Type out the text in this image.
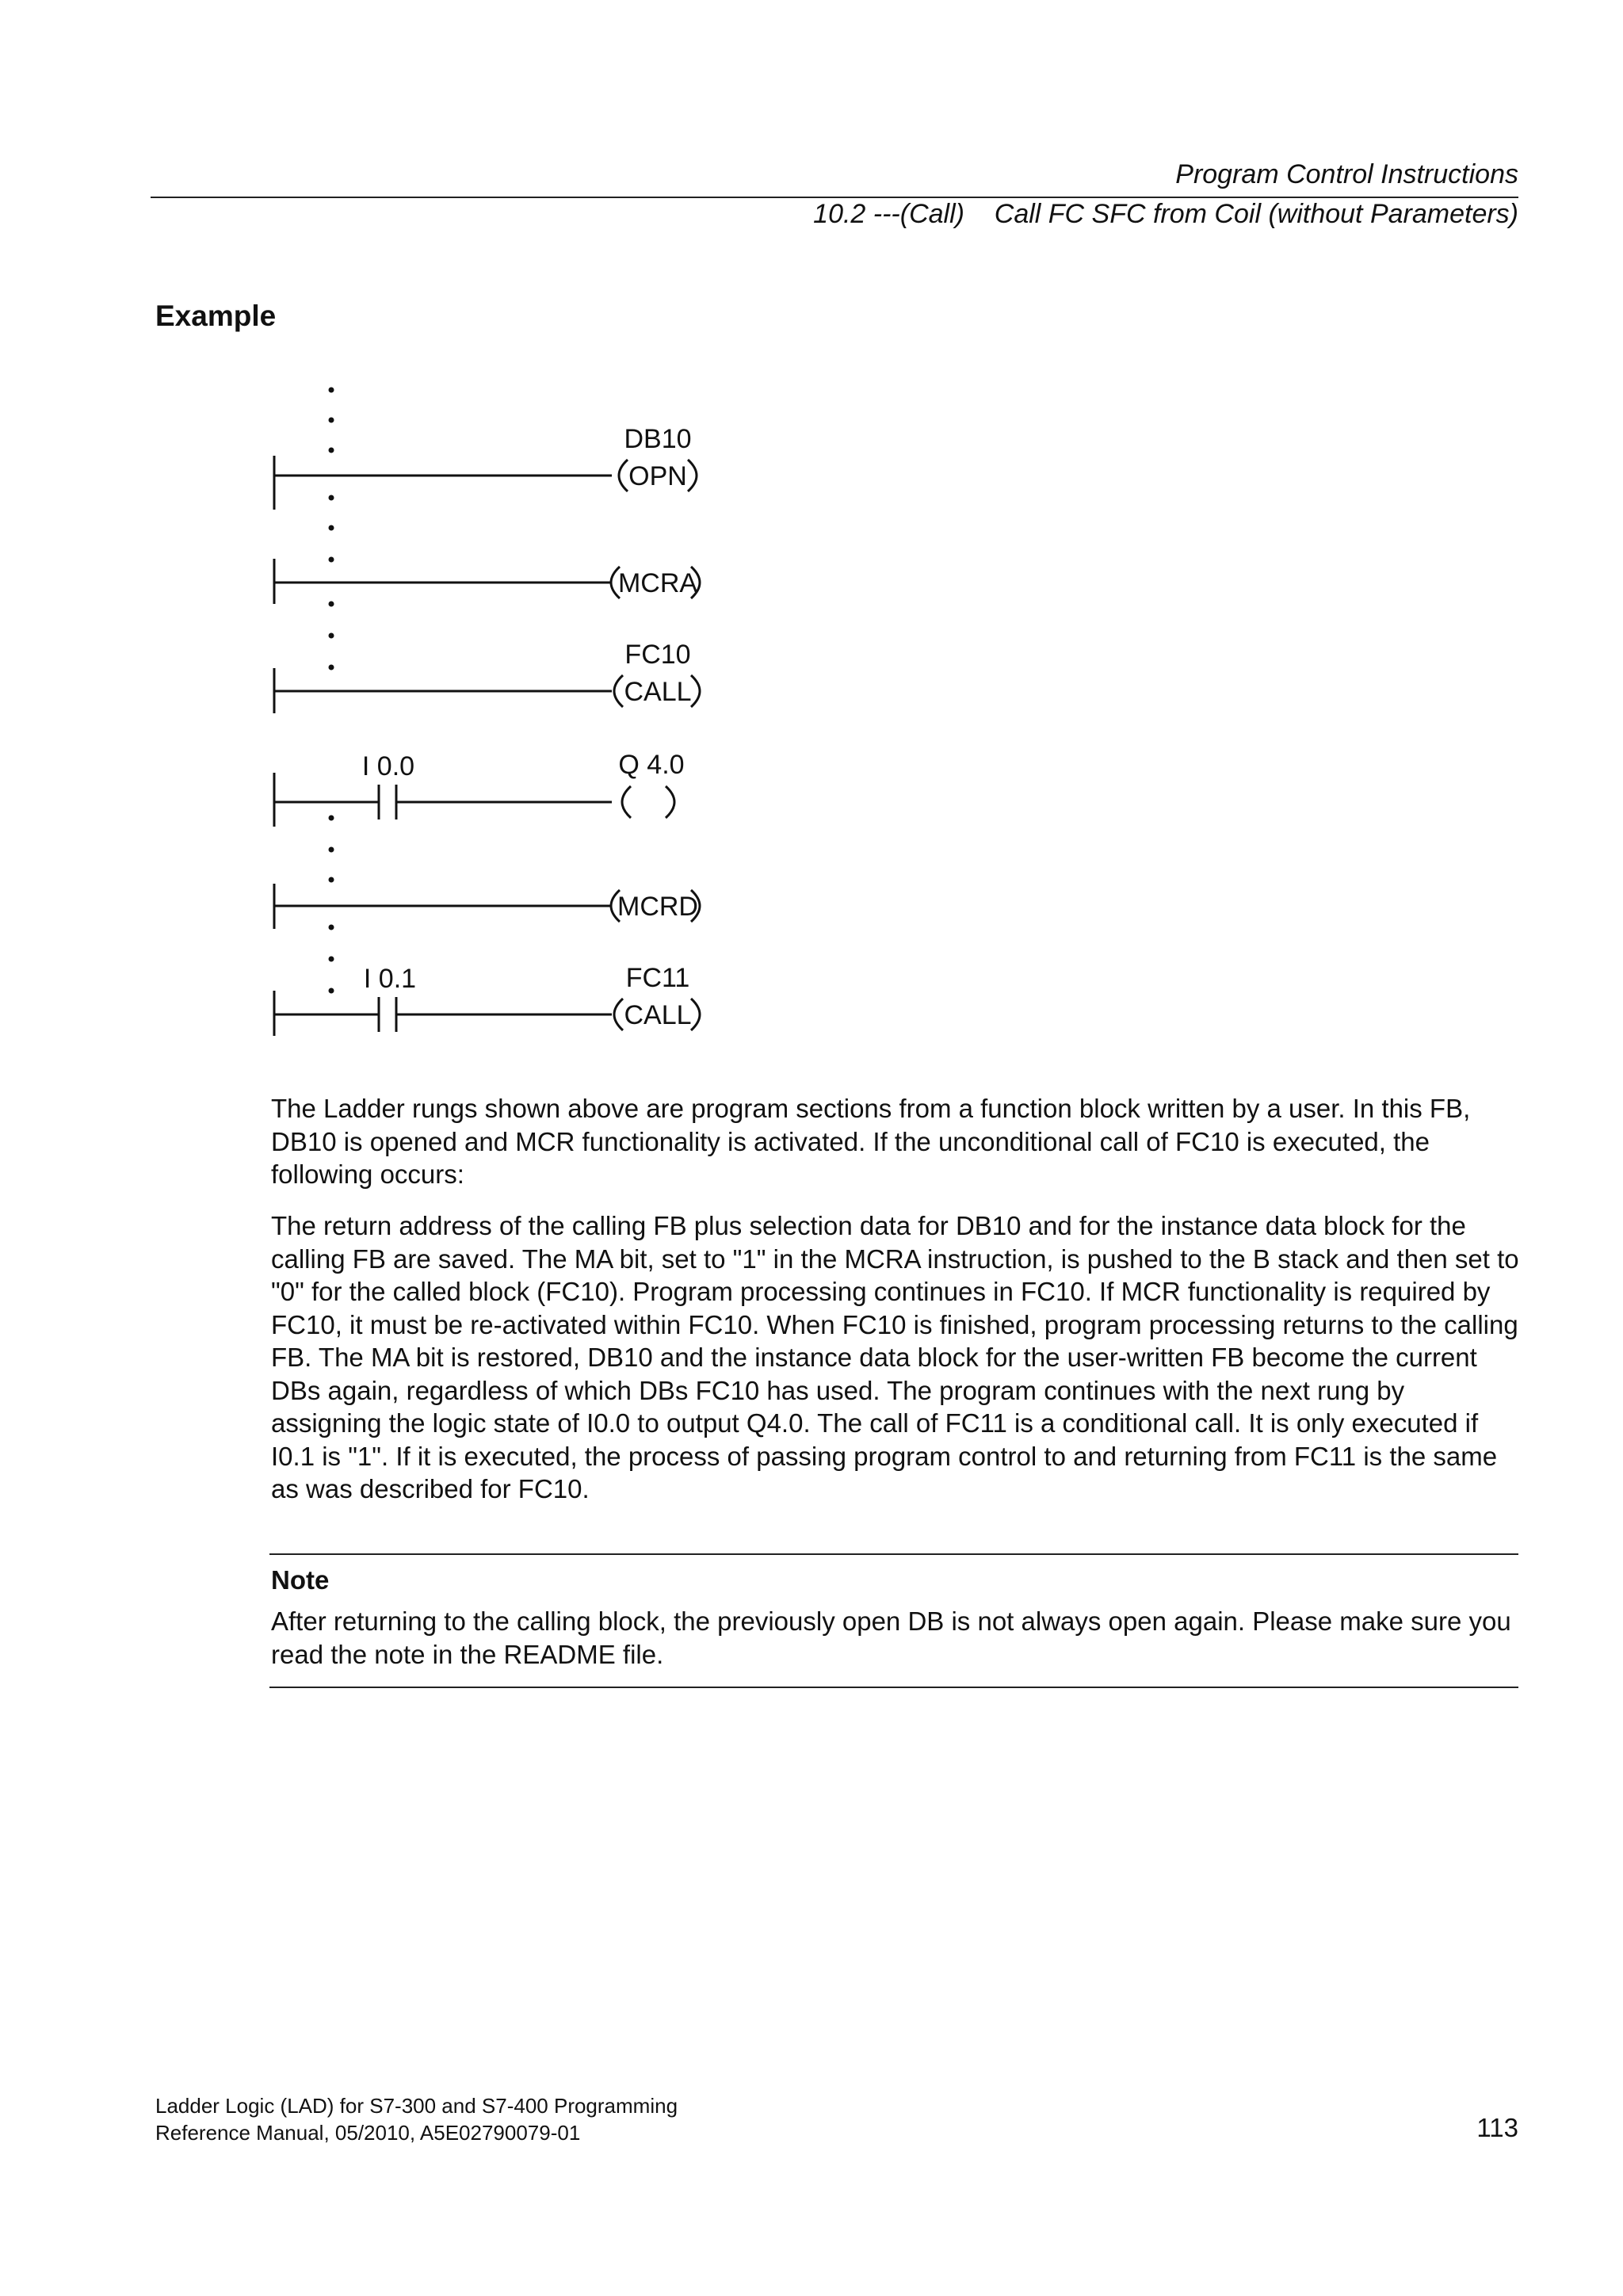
Program Control Instructions
10.2 ---(Call)    Call FC SFC from Coil (without Parameters)
Example
DB10
OPN
MCRA
FC10
CALL
I 0.0	Q 4.0
MCRD
I 0.1	FC11
CALL

The Ladder rungs shown above are program sections from a function block written by a user. In this FB, DB10 is opened and MCR functionality is activated. If the unconditional call of FC10 is executed, the following occurs:

The return address of the calling FB plus selection data for DB10 and for the instance data block for the calling FB are saved. The MA bit, set to "1" in the MCRA instruction, is pushed to the B stack and then set to "0" for the called block (FC10). Program processing continues in FC10. If MCR functionality is required by FC10, it must be re-activated within FC10. When FC10 is finished, program processing returns to the calling FB. The MA bit is restored, DB10 and the instance data block for the user-written FB become the current DBs again, regardless of which DBs FC10 has used. The program continues with the next rung by assigning the logic state of I0.0 to output Q4.0. The call of FC11 is a conditional call. It is only executed if I0.1 is "1". If it is executed, the process of passing program control to and returning from FC11 is the same as was described for FC10.

Note

After returning to the calling block, the previously open DB is not always open again. Please make sure you read the note in the README file.

Ladder Logic (LAD) for S7-300 and S7-400 Programming
Reference Manual, 05/2010, A5E02790079-01	113
